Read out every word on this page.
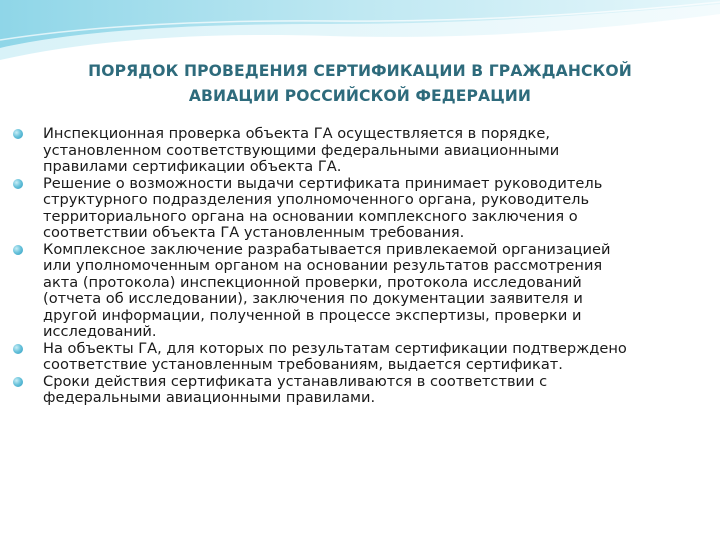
ПОРЯДОК ПРОВЕДЕНИЯ СЕРТИФИКАЦИИ В ГРАЖДАНСКОЙ
АВИАЦИИ РОССИЙСКОЙ ФЕДЕРАЦИИ
Инспекционная проверка объекта ГА осуществляется в порядке,
установленном соответствующими федеральными авиационными
правилами сертификации объекта ГА.
Решение о возможности выдачи сертификата принимает руководитель
структурного подразделения уполномоченного органа, руководитель
территориального органа на основании комплексного заключения о
соответствии объекта ГА установленным требования.
Комплексное заключение разрабатывается привлекаемой организацией
или уполномоченным органом на основании результатов рассмотрения
акта (протокола) инспекционной проверки, протокола исследований
(отчета об исследовании), заключения по документации заявителя и
другой информации, полученной в процессе экспертизы, проверки и
исследований.
На объекты ГА, для которых по результатам сертификации подтверждено
соответствие установленным требованиям, выдается сертификат.
Сроки действия сертификата устанавливаются в соответствии с
федеральными авиационными правилами.
